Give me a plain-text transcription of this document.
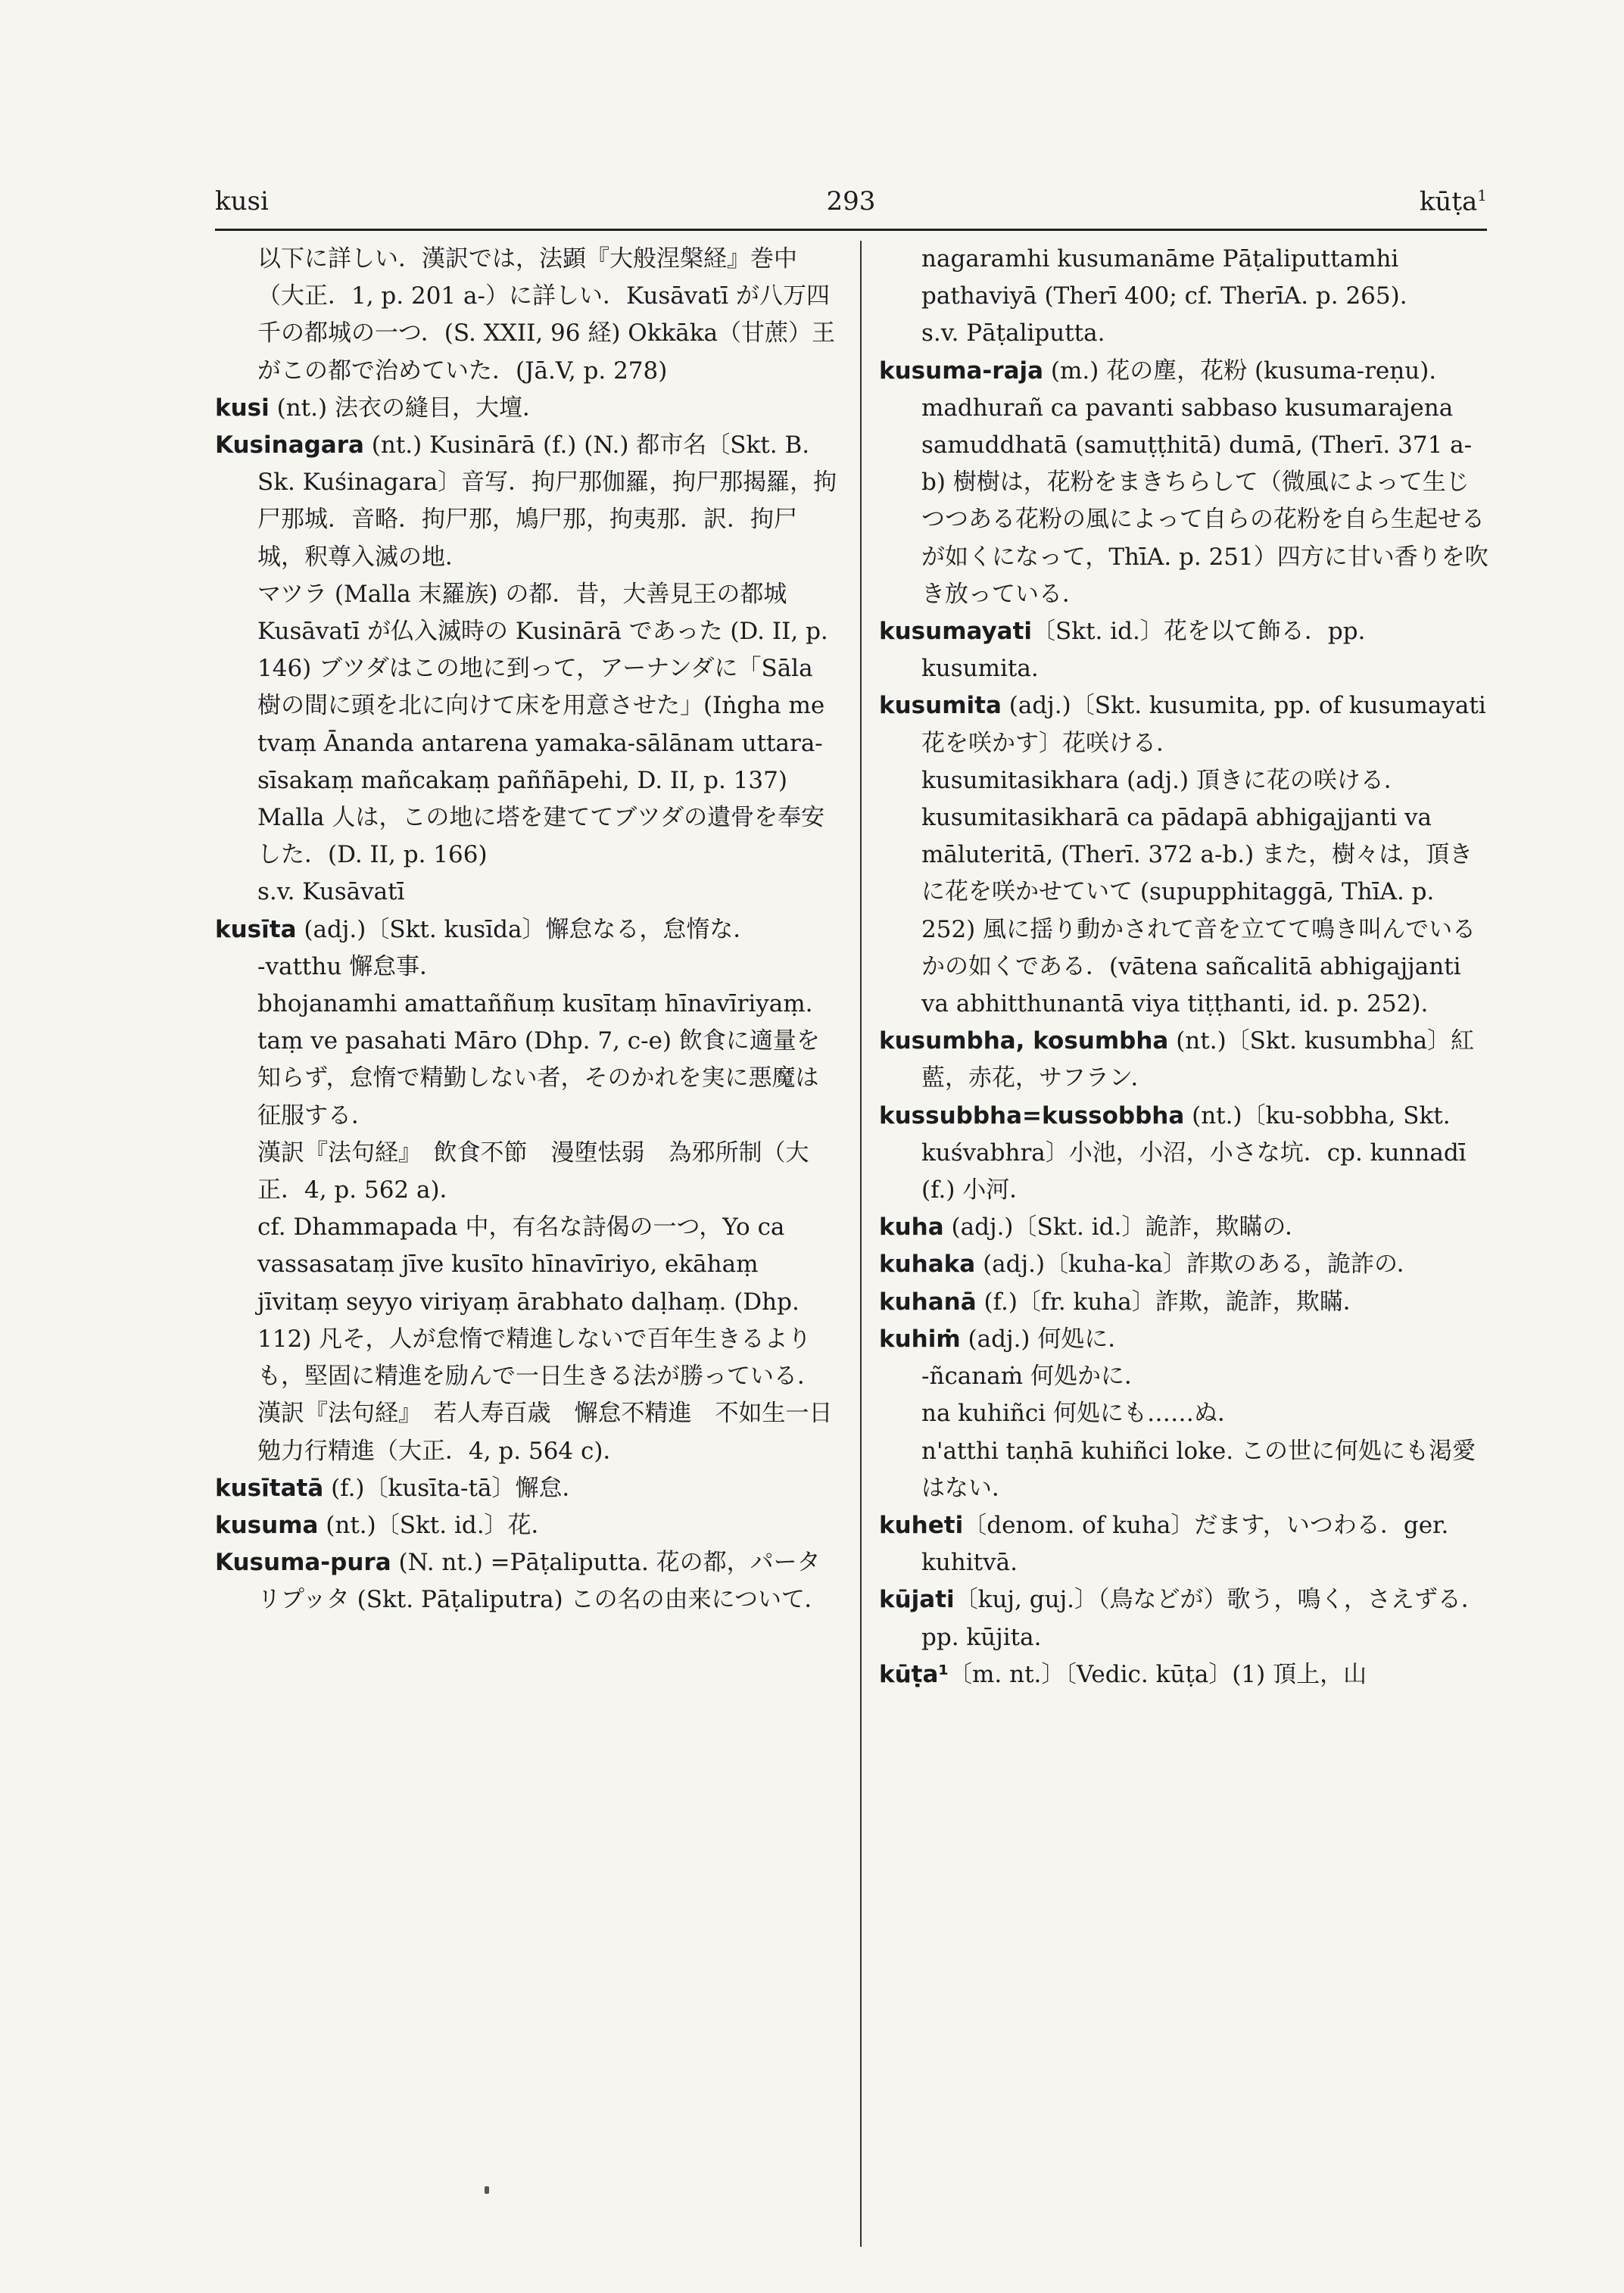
kusi	293	kūṭa$^1$
以下に詳しい．漢訳では，法顕『大般涅槃経』巻中（大正．1, p. 201 a-）に詳しい．Kusāvatī が八万四千の都城の一つ．(S. XXII, 96 経) Okkāka（甘蔗）王がこの都で治めていた．(Jā.V, p. 278)
kusi (nt.) 法衣の縫目，大壇．
Kusinagara (nt.) Kusinārā (f.) (N.) 都市名〔Skt. B. Sk. Kuśinagara〕音写．拘尸那伽羅，拘尸那揭羅，拘尸那城．音略．拘尸那，鳩尸那，拘夷那．訳．拘尸城，釈尊入滅の地．
マツラ (Malla 末羅族) の都．昔，大善見王の都城 Kusāvatī が仏入滅時の Kusinārā であった (D. II, p. 146) ブツダはこの地に到って，アーナンダに「Sāla 樹の間に頭を北に向けて床を用意させた」(Iṅgha me tvaṃ Ānanda antarena yamaka-sālānam uttara-sīsakaṃ mañcakaṃ paññāpehi, D. II, p. 137)
Malla 人は，この地に塔を建ててブツダの遺骨を奉安した．(D. II, p. 166)
s.v. Kusāvatī
kusīta (adj.)〔Skt. kusīda〕懈怠なる，怠惰な．
-vatthu 懈怠事．
bhojanamhi amattaññuṃ kusītaṃ hīnavīriyaṃ. taṃ ve pasahati Māro (Dhp. 7, c-e) 飲食に適量を知らず，怠惰で精勤しない者，そのかれを実に悪魔は征服する．
漢訳『法句経』　飲食不節　漫堕怯弱　為邪所制（大正．4, p. 562 a)．
cf. Dhammapada 中，有名な詩偈の一つ，Yo ca vassasataṃ jīve kusīto hīnavīriyo, ekāhaṃ jīvitaṃ seyyo viriyaṃ ārabhato daḷhaṃ. (Dhp. 112) 凡そ，人が怠惰で精進しないで百年生きるよりも，堅固に精進を励んで一日生きる法が勝っている．
漢訳『法句経』　若人寿百歳　懈怠不精進　不如生一日　勉力行精進（大正．4, p. 564 c)．
kusītatā (f.)〔kusīta-tā〕懈怠．
kusuma (nt.)〔Skt. id.〕花．
Kusuma-pura (N. nt.) =Pāṭaliputta. 花の都，パータリプッタ (Skt. Pāṭaliputra) この名の由来について．
nagaramhi kusumanāme Pāṭaliputtamhi pathaviyā (Therī 400; cf. TherīA. p. 265).
s.v. Pāṭaliputta.
kusuma-raja (m.) 花の塵，花粉 (kusuma-reṇu).
madhurañ ca pavanti sabbaso kusumarajena samuddhatā (samuṭṭhitā) dumā, (Therī. 371 a-b) 樹樹は，花粉をまきちらして（微風によって生じつつある花粉の風によって自らの花粉を自ら生起せるが如くになって，ThīA. p. 251）四方に甘い香りを吹き放っている．
kusumayati〔Skt. id.〕花を以て飾る．pp. kusumita.
kusumita (adj.)〔Skt. kusumita, pp. of kusumayati 花を咲かす〕花咲ける．
kusumitasikhara (adj.) 頂きに花の咲ける．
kusumitasikharā ca pādapā abhigajjanti va māluteritā, (Therī. 372 a-b.) また，樹々は，頂きに花を咲かせていて (supupphitaggā, ThīA. p. 252) 風に揺り動かされて音を立てて鳴き叫んでいるかの如くである．(vātena sañcalitā abhigajjanti va abhitthunantā viya tiṭṭhanti, id. p. 252).
kusumbha, kosumbha (nt.)〔Skt. kusumbha〕紅藍，赤花，サフラン．
kussubbha=kussobbha (nt.)〔ku-sobbha, Skt. kuśvabhra〕小池，小沼，小さな坑．cp. kunnadī (f.) 小河．
kuha (adj.)〔Skt. id.〕詭詐，欺瞞の．
kuhaka (adj.)〔kuha-ka〕詐欺のある，詭詐の．
kuhanā (f.)〔fr. kuha〕詐欺，詭詐，欺瞞．
kuhiṁ (adj.) 何処に．
-ñcanaṁ 何処かに．
na kuhiñci 何処にも……ぬ．
n'atthi taṇhā kuhiñci loke. この世に何処にも渇愛はない．
kuheti〔denom. of kuha〕だます，いつわる．ger. kuhitvā.
kūjati〔kuj, guj.〕（鳥などが）歌う，鳴く，さえずる．pp. kūjita.
kūṭa¹〔m. nt.〕〔Vedic. kūṭa〕(1) 頂上，山
